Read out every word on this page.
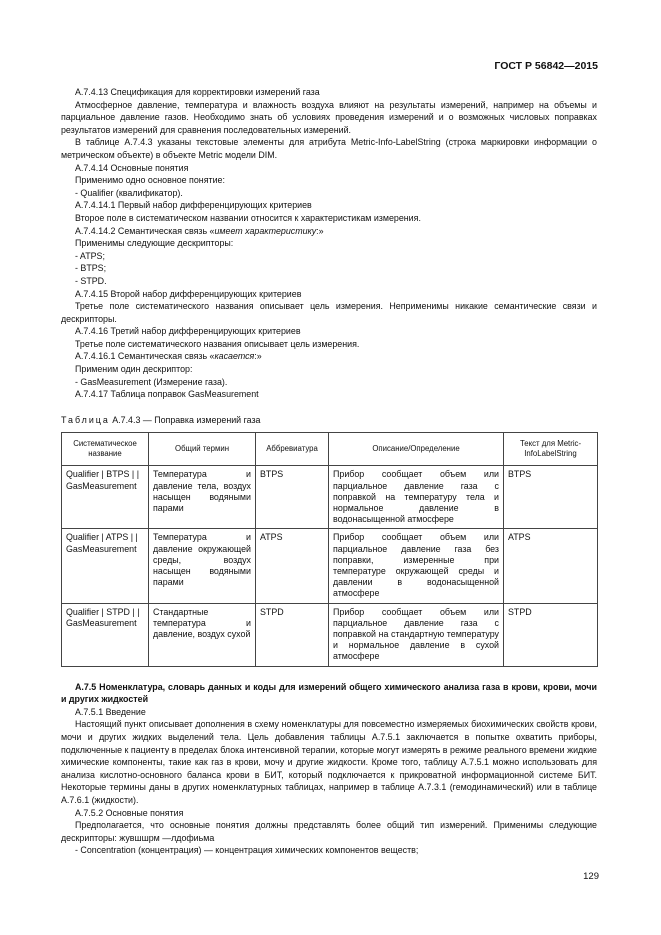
ГОСТ Р 56842—2015

А.7.4.13 Спецификация для корректировки измерений газа

Атмосферное давление, температура и влажность воздуха влияют на результаты измерений, например на объемы и парциальное давление газов. Необходимо знать об условиях проведения измерений и о возможных числовых поправках результатов измерений для сравнения последовательных измерений.

В таблице А.7.4.3 указаны текстовые элементы для атрибута Metric-Info-LabelString (строка маркировки информации о метрическом объекте) в объекте Metric модели DIM.

А.7.4.14 Основные понятия

Применимо одно основное понятие:

- Qualifier (квалификатор).

А.7.4.14.1 Первый набор дифференцирующих критериев

Второе поле в систематическом названии относится к характеристикам измерения.

А.7.4.14.2 Семантическая связь «имеет характеристику:»

Применимы следующие дескрипторы:

- ATPS;

- BTPS;

- STPD.

А.7.4.15 Второй набор дифференцирующих критериев

Третье поле систематического названия описывает цель измерения. Неприменимы никакие семантические связи и дескрипторы.

А.7.4.16 Третий набор дифференцирующих критериев

Третье поле систематического названия описывает цель измерения.

А.7.4.16.1 Семантическая связь «касается:»

Применим один дескриптор:

- GasMeasurement (Измерение газа).

А.7.4.17 Таблица поправок GasMeasurement

Таблица А.7.4.3 — Поправка измерений газа

Систематическое название	Общий термин	Аббревиатура	Описание/Определение	Текст для Metric-InfoLabelString
Qualifier | BTPS | | GasMeasurement	Температура и давление тела, воздух насыщен водяными парами	BTPS	Прибор сообщает объем или парциальное давление газа с поправкой на температуру тела и нормальное давление в водонасыщенной атмосфере	BTPS
Qualifier | ATPS | | GasMeasurement	Температура и давление окружающей среды, воздух насыщен водяными парами	ATPS	Прибор сообщает объем или парциальное давление газа без поправки, измеренные при температуре окружающей среды и давлении в водонасыщенной атмосфере	ATPS
Qualifier | STPD | | GasMeasurement	Стандартные температура и давление, воздух сухой	STPD	Прибор сообщает объем или парциальное давление газа с поправкой на стандартную температуру и нормальное давление в сухой атмосфере	STPD

А.7.5 Номенклатура, словарь данных и коды для измерений общего химического анализа газа в крови, крови, мочи и других жидкостей

А.7.5.1 Введение

Настоящий пункт описывает дополнения в схему номенклатуры для повсеместно измеряемых биохимических свойств крови, мочи и других жидких выделений тела. Цель добавления таблицы А.7.5.1 заключается в попытке охватить приборы, подключенные к пациенту в пределах блока интенсивной терапии, которые могут измерять в режиме реального времени жидкие химические компоненты, такие как газ в крови, мочу и другие жидкости. Кроме того, таблицу А.7.5.1 можно использовать для анализа кислотно-основного баланса крови в БИТ, который подключается к прикроватной информационной системе БИТ. Некоторые термины даны в других номенклатурных таблицах, например в таблице А.7.3.1 (гемодинамический) или в таблице А.7.6.1 (жидкости).

А.7.5.2 Основные понятия

Предполагается, что основные понятия должны представлять более общий тип измерений. Применимы следующие дескрипторы: жувшшрм —лдофиьма

- Concentration (концентрация) — концентрация химических компонентов веществ;

129
